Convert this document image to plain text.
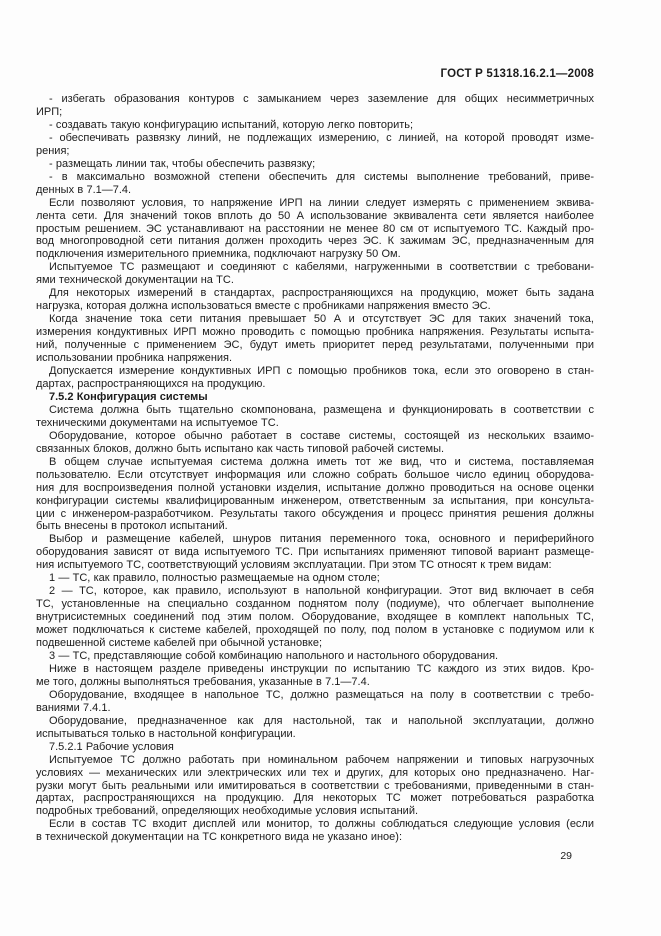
ГОСТ Р 51318.16.2.1—2008
- избегать образования контуров с замыканием через заземление для общих несимметричных
ИРП;
- создавать такую конфигурацию испытаний, которую легко повторить;
- обеспечивать развязку линий, не подлежащих измерению, с линией, на которой проводят изме-
рения;
- размещать линии так, чтобы обеспечить развязку;
- в максимально возможной степени обеспечить для системы выполнение требований, приве-
денных в 7.1—7.4.
Если позволяют условия, то напряжение ИРП на линии следует измерять с применением эквива-
лента сети. Для значений токов вплоть до 50 А использование эквивалента сети является наиболее
простым решением. ЭС устанавливают на расстоянии не менее 80 см от испытуемого ТС. Каждый про-
вод многопроводной сети питания должен проходить через ЭС. К зажимам ЭС, предназначенным для
подключения измерительного приемника, подключают нагрузку 50 Ом.
Испытуемое ТС размещают и соединяют с кабелями, нагруженными в соответствии с требовани-
ями технической документации на ТС.
Для некоторых измерений в стандартах, распространяющихся на продукцию, может быть задана
нагрузка, которая должна использоваться вместе с пробниками напряжения вместо ЭС.
Когда значение тока сети питания превышает 50 А и отсутствует ЭС для таких значений тока,
измерения кондуктивных ИРП можно проводить с помощью пробника напряжения. Результаты испыта-
ний, полученные с применением ЭС, будут иметь приоритет перед результатами, полученными при
использовании пробника напряжения.
Допускается измерение кондуктивных ИРП с помощью пробников тока, если это оговорено в стан-
дартах, распространяющихся на продукцию.
7.5.2 Конфигурация системы
Система должна быть тщательно скомпонована, размещена и функционировать в соответствии с
техническими документами на испытуемое ТС.
Оборудование, которое обычно работает в составе системы, состоящей из нескольких взаимо-
связанных блоков, должно быть испытано как часть типовой рабочей системы.
В общем случае испытуемая система должна иметь тот же вид, что и система, поставляемая
пользователю. Если отсутствует информация или сложно собрать большое число единиц оборудова-
ния для воспроизведения полной установки изделия, испытание должно проводиться на основе оценки
конфигурации системы квалифицированным инженером, ответственным за испытания, при консульта-
ции с инженером-разработчиком. Результаты такого обсуждения и процесс принятия решения должны
быть внесены в протокол испытаний.
Выбор и размещение кабелей, шнуров питания переменного тока, основного и периферийного
оборудования зависят от вида испытуемого ТС. При испытаниях применяют типовой вариант размеще-
ния испытуемого ТС, соответствующий условиям эксплуатации. При этом ТС относят к трем видам:
1 — ТС, как правило, полностью размещаемые на одном столе;
2 — ТС, которое, как правило, используют в напольной конфигурации. Этот вид включает в себя
ТС, установленные на специально созданном поднятом полу (подиуме), что облегчает выполнение
внутрисистемных соединений под этим полом. Оборудование, входящее в комплект напольных ТС,
может подключаться к системе кабелей, проходящей по полу, под полом в установке с подиумом или к
подвешенной системе кабелей при обычной установке;
3 — ТС, представляющие собой комбинацию напольного и настольного оборудования.
Ниже в настоящем разделе приведены инструкции по испытанию ТС каждого из этих видов. Кро-
ме того, должны выполняться требования, указанные в 7.1—7.4.
Оборудование, входящее в напольное ТС, должно размещаться на полу в соответствии с требо-
ваниями 7.4.1.
Оборудование, предназначенное как для настольной, так и напольной эксплуатации, должно
испытываться только в настольной конфигурации.
7.5.2.1 Рабочие условия
Испытуемое ТС должно работать при номинальном рабочем напряжении и типовых нагрузочных
условиях — механических или электрических или тех и других, для которых оно предназначено. Наг-
рузки могут быть реальными или имитироваться в соответствии с требованиями, приведенными в стан-
дартах, распространяющихся на продукцию. Для некоторых ТС может потребоваться разработка
подробных требований, определяющих необходимые условия испытаний.
Если в состав ТС входит дисплей или монитор, то должны соблюдаться следующие условия (если
в технической документации на ТС конкретного вида не указано иное):
29
